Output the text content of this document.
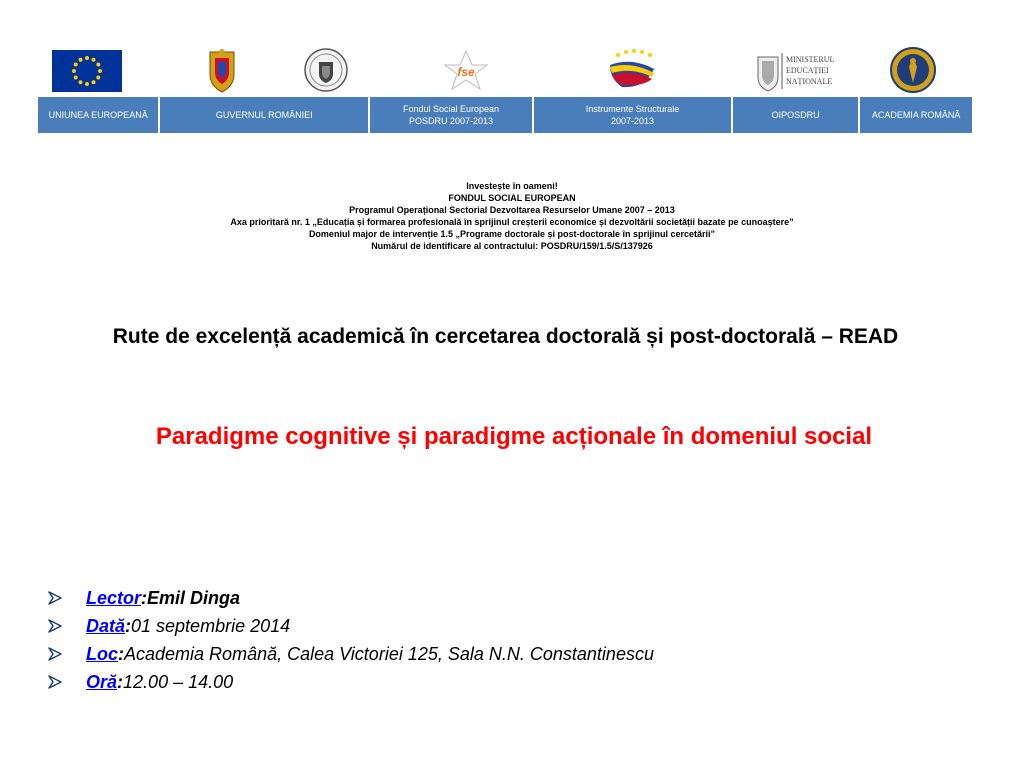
fse
MINISTERUL
EDUCAȚIEI
NAȚIONALE
UNIUNEA EUROPEANĂ	GUVERNUL ROMÂNIEI
Fondul Social European
POSDRU 2007-2013
Instrumente Structurale
2007-2013
OIPOSDRU	ACADEMIA ROMÂNĂ
Investește în oameni!
FONDUL SOCIAL EUROPEAN
Programul Operațional Sectorial Dezvoltarea Resurselor Umane 2007 – 2013
Axa prioritară nr. 1 „Educația și formarea profesională în sprijinul creșterii economice și dezvoltării societății bazate pe cunoaștere”
Domeniul major de intervenție 1.5 „Programe doctorale și post-doctorale în sprijinul cercetării”
Numărul de identificare al contractului: POSDRU/159/1.5/S/137926
Rute de excelență academică în cercetarea doctorală și post-doctorală – READ
Paradigme cognitive și paradigme acționale în domeniul social
Lector : Emil Dinga
Dată : 01 septembrie 2014
Loc : Academia Română, Calea Victoriei 125, Sala N.N. Constantinescu
Oră : 12.00 – 14.00
